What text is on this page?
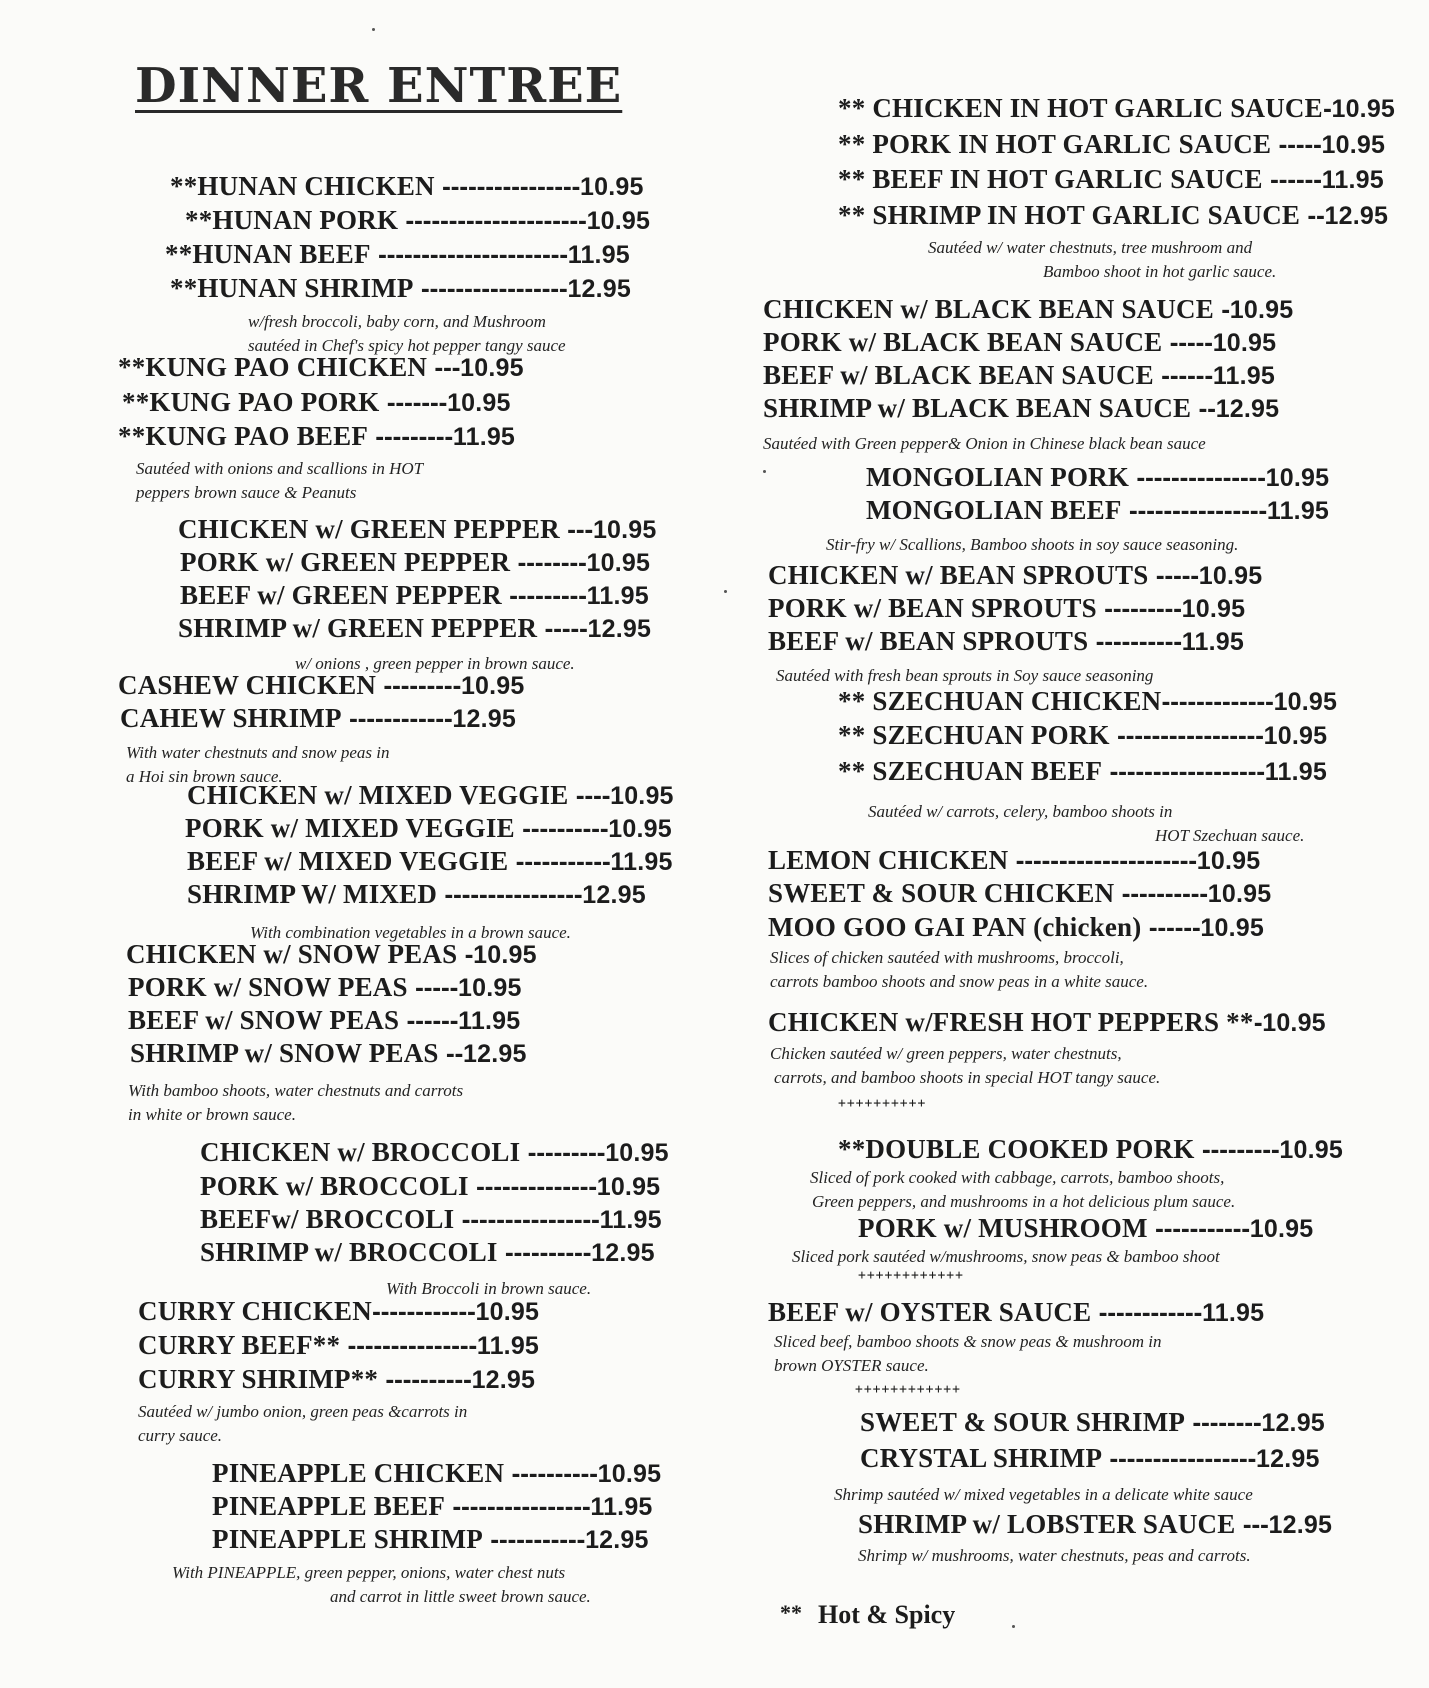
DINNER ENTREE
**HUNAN CHICKEN ----------------10.95
**HUNAN PORK ---------------------10.95
**HUNAN BEEF ----------------------11.95
**HUNAN SHRIMP -----------------12.95
w/fresh broccoli, baby corn, and Mushroom
sautéed in Chef's spicy hot pepper tangy sauce
**KUNG PAO CHICKEN ---10.95
**KUNG PAO PORK -------10.95
**KUNG PAO BEEF ---------11.95
Sautéed with onions and scallions in HOT
peppers brown sauce & Peanuts
CHICKEN w/ GREEN PEPPER ---10.95
PORK w/ GREEN PEPPER --------10.95
BEEF w/ GREEN PEPPER ---------11.95
SHRIMP w/ GREEN PEPPER -----12.95
w/ onions , green pepper in brown sauce.
CASHEW CHICKEN ---------10.95
CAHEW SHRIMP ------------12.95
With water chestnuts and snow peas in
a Hoi sin brown sauce.
CHICKEN w/ MIXED VEGGIE ----10.95
PORK w/ MIXED VEGGIE ----------10.95
BEEF w/ MIXED VEGGIE -----------11.95
SHRIMP W/ MIXED ----------------12.95
With combination vegetables in a brown sauce.
CHICKEN w/ SNOW PEAS -10.95
PORK w/ SNOW PEAS -----10.95
BEEF w/ SNOW PEAS ------11.95
SHRIMP w/ SNOW PEAS --12.95
With bamboo shoots, water chestnuts and carrots
in white or brown sauce.
CHICKEN w/ BROCCOLI ---------10.95
PORK w/ BROCCOLI --------------10.95
BEEFw/ BROCCOLI ----------------11.95
SHRIMP w/ BROCCOLI ----------12.95
With Broccoli in brown sauce.
CURRY CHICKEN------------10.95
CURRY BEEF** ---------------11.95
CURRY SHRIMP** ----------12.95
Sautéed w/ jumbo onion, green peas &carrots in
curry sauce.
PINEAPPLE CHICKEN ----------10.95
PINEAPPLE BEEF ----------------11.95
PINEAPPLE SHRIMP -----------12.95
With PINEAPPLE, green pepper, onions, water chest nuts
and carrot in little sweet brown sauce.
** CHICKEN IN HOT GARLIC SAUCE-10.95
** PORK IN HOT GARLIC SAUCE -----10.95
** BEEF IN HOT GARLIC SAUCE ------11.95
** SHRIMP IN HOT GARLIC SAUCE --12.95
Sautéed w/ water chestnuts, tree mushroom and
Bamboo shoot in hot garlic sauce.
CHICKEN w/ BLACK BEAN SAUCE -10.95
PORK w/ BLACK BEAN SAUCE -----10.95
BEEF w/ BLACK BEAN SAUCE ------11.95
SHRIMP w/ BLACK BEAN SAUCE --12.95
Sautéed with Green pepper& Onion in Chinese black bean sauce
MONGOLIAN PORK ---------------10.95
MONGOLIAN BEEF ----------------11.95
Stir-fry w/ Scallions, Bamboo shoots in soy sauce seasoning.
CHICKEN w/ BEAN SPROUTS -----10.95
PORK w/ BEAN SPROUTS ---------10.95
BEEF w/ BEAN SPROUTS ----------11.95
Sautéed with fresh bean sprouts in Soy sauce seasoning
** SZECHUAN CHICKEN-------------10.95
** SZECHUAN PORK -----------------10.95
** SZECHUAN BEEF ------------------11.95
Sautéed w/ carrots, celery, bamboo shoots in
HOT Szechuan sauce.
LEMON CHICKEN ---------------------10.95
SWEET & SOUR CHICKEN ----------10.95
MOO GOO GAI PAN (chicken) ------10.95
Slices of chicken sautéed with mushrooms, broccoli,
carrots bamboo shoots and snow peas in a white sauce.
CHICKEN w/FRESH HOT PEPPERS **-10.95
Chicken sautéed w/ green peppers, water chestnuts,
carrots, and bamboo shoots in special HOT tangy sauce.
++++++++++
**DOUBLE COOKED PORK ---------10.95
Sliced of pork cooked with cabbage, carrots, bamboo shoots,
Green peppers, and mushrooms in a hot delicious plum sauce.
PORK w/ MUSHROOM -----------10.95
Sliced pork sautéed w/mushrooms, snow peas & bamboo shoot
++++++++++++
BEEF w/ OYSTER SAUCE ------------11.95
Sliced beef, bamboo shoots & snow peas & mushroom in
brown OYSTER sauce.
++++++++++++
SWEET & SOUR SHRIMP --------12.95
CRYSTAL SHRIMP -----------------12.95
Shrimp sautéed w/ mixed vegetables in a delicate white sauce
SHRIMP w/ LOBSTER SAUCE ---12.95
Shrimp w/ mushrooms, water chestnuts, peas and carrots.
** Hot & Spicy
